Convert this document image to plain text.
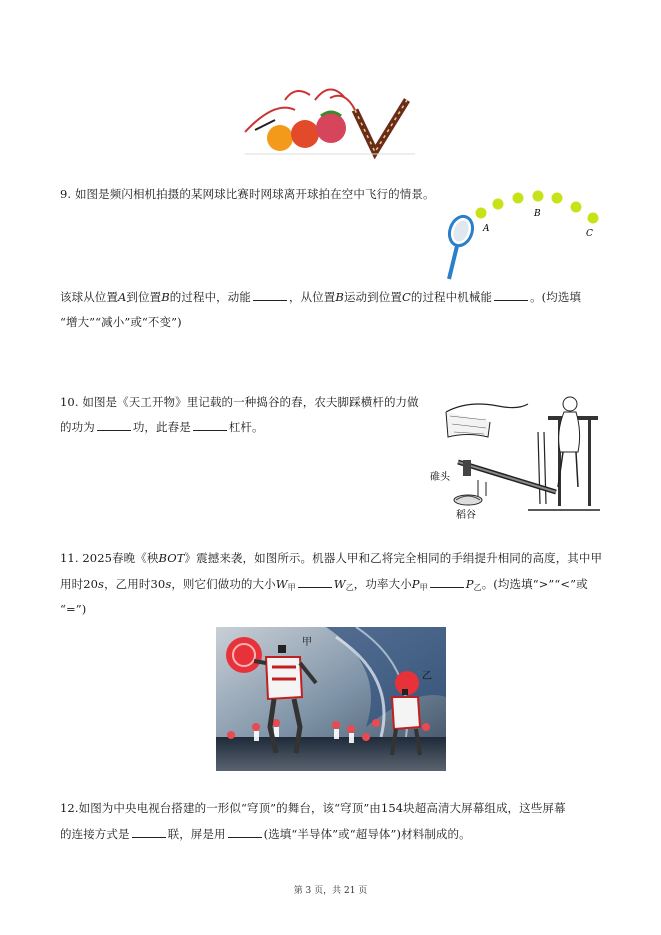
9. 如图是频闪相机拍摄的某网球比赛时网球离开球拍在空中飞行的情景。
A
B
C
该球从位置A到位置B的过程中，动能	，从位置B运动到位置C的过程中机械能	。(均选填
“增大”“减小”或“不变”)
10. 如图是《天工开物》里记载的一种捣谷的舂，农夫脚踩横杆的力做
的功为	功，此舂是	杠杆。
碓头
稻谷
11. 2025春晚《秧BOT》震撼来袭，如图所示。机器人甲和乙将完全相同的手绢提升相同的高度，其中甲
用时20s，乙用时30s，则它们做功的大小$W_甲$	$W_乙$，功率大小$P_甲$	$P_乙$。(均选填“>”“<”或
“=”)
甲
乙
12.如图为中央电视台搭建的一形似“穹顶”的舞台，该“穹顶”由154块超高清大屏幕组成，这些屏幕
的连接方式是	联，屏是用	(选填“半导体”或“超导体”)材料制成的。
第 3 页，共 21 页
